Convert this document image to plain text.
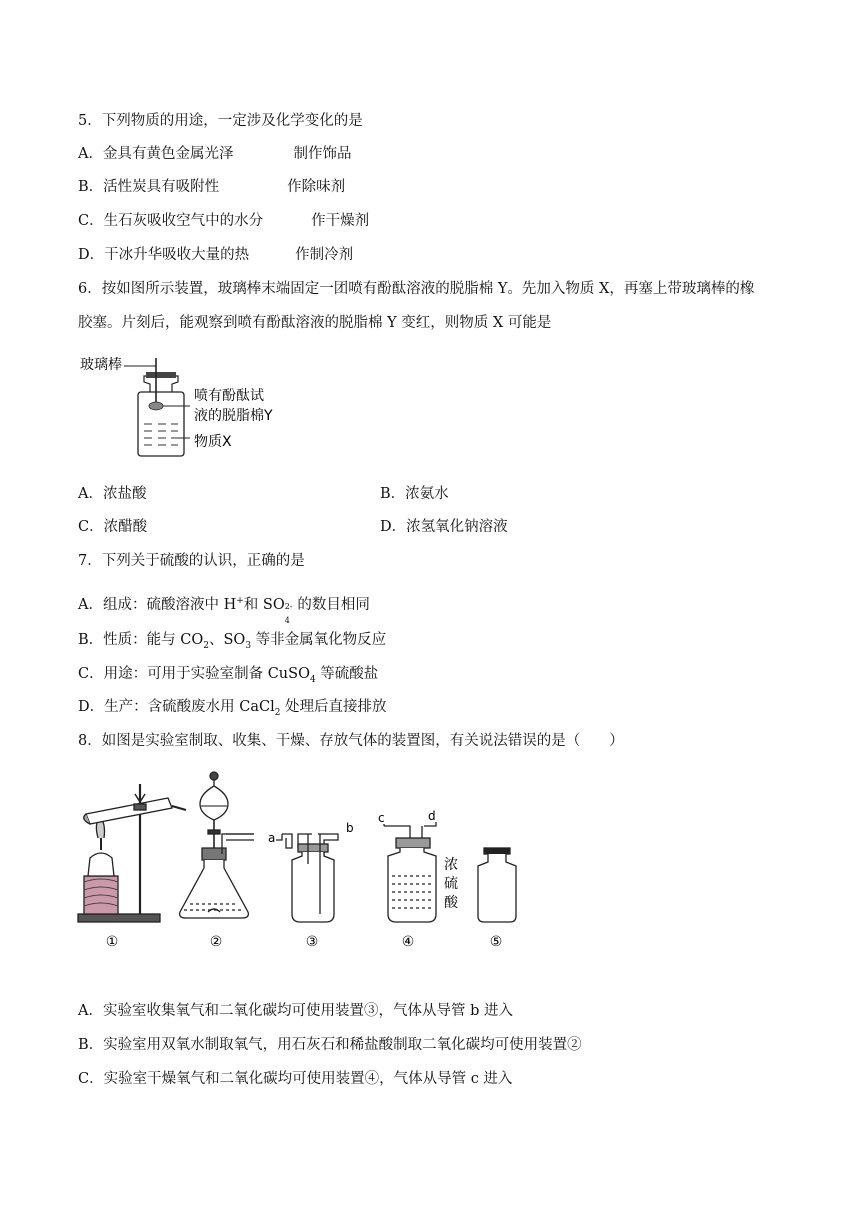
5．下列物质的用途，一定涉及化学变化的是
A．金具有黄色金属光泽	制作饰品
B．活性炭具有吸附性	作除味剂
C．生石灰吸收空气中的水分	作干燥剂
D．干冰升华吸收大量的热	作制冷剂
6．按如图所示装置，玻璃棒末端固定一团喷有酚酞溶液的脱脂棉 Y。先加入物质 X，再塞上带玻璃棒的橡
胶塞。片刻后，能观察到喷有酚酞溶液的脱脂棉 Y 变红，则物质 X 可能是
玻璃棒
喷有酚酞试
液的脱脂棉Y
物质X
A．浓盐酸	B．浓氨水
C．浓醋酸	D．浓氢氧化钠溶液
7．下列关于硫酸的认识，正确的是
A．组成：硫酸溶液中 H+和 SO 2-
4
的数目相同
B．性质：能与 $CO_2$、$SO_3$ 等非金属氧化物反应
C．用途：可用于实验室制备 CuSO$_4$ 等硫酸盐
D．生产：含硫酸废水用 CaCl$_2$ 处理后直接排放
8．如图是实验室制取、收集、干燥、存放气体的装置图，有关说法错误的是（　　）
a
b
c	d
浓
硫
酸
①	②	③	④	⑤
A．实验室收集氧气和二氧化碳均可使用装置③，气体从导管 b 进入
B．实验室用双氧水制取氧气，用石灰石和稀盐酸制取二氧化碳均可使用装置②
C．实验室干燥氧气和二氧化碳均可使用装置④，气体从导管 c 进入
